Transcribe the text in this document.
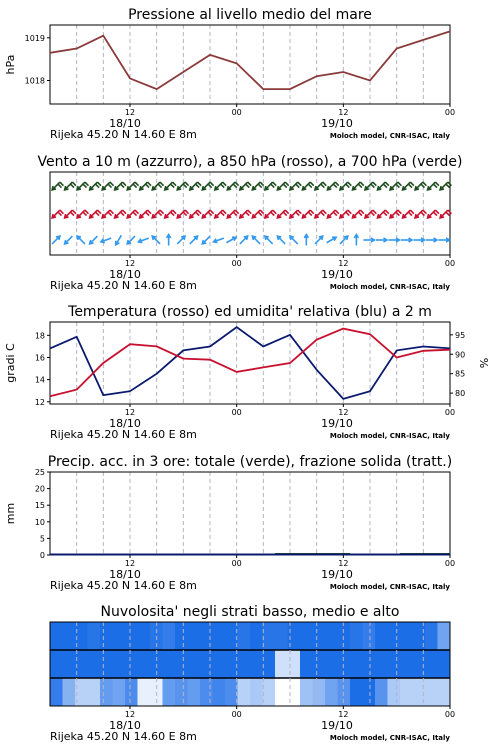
Pressione al livello medio del mare
12	00	12	00
18/10	19/10
Rijeka 45.20 N 14.60 E 8m	Moloch model, CNR-ISAC, Italy
1018
1019
hPa
Vento a 10 m (azzurro), a 850 hPa (rosso), a 700 hPa (verde)
12	00	12	00
18/10	19/10
Rijeka 45.20 N 14.60 E 8m	Moloch model, CNR-ISAC, Italy
Temperatura (rosso) ed umidita' relativa (blu) a 2 m
12	00	12	00
18/10	19/10
Rijeka 45.20 N 14.60 E 8m	Moloch model, CNR-ISAC, Italy
12
14
16
18
80
85
90
95
gradi C	%
Precip. acc. in 3 ore: totale (verde), frazione solida (tratt.)
12	00	12	00
18/10	19/10
Rijeka 45.20 N 14.60 E 8m	Moloch model, CNR-ISAC, Italy
0
5
10
15
20
25
mm
Nuvolosita' negli strati basso, medio e alto
12	00	12	00
18/10	19/10
Rijeka 45.20 N 14.60 E 8m	Moloch model, CNR-ISAC, Italy
